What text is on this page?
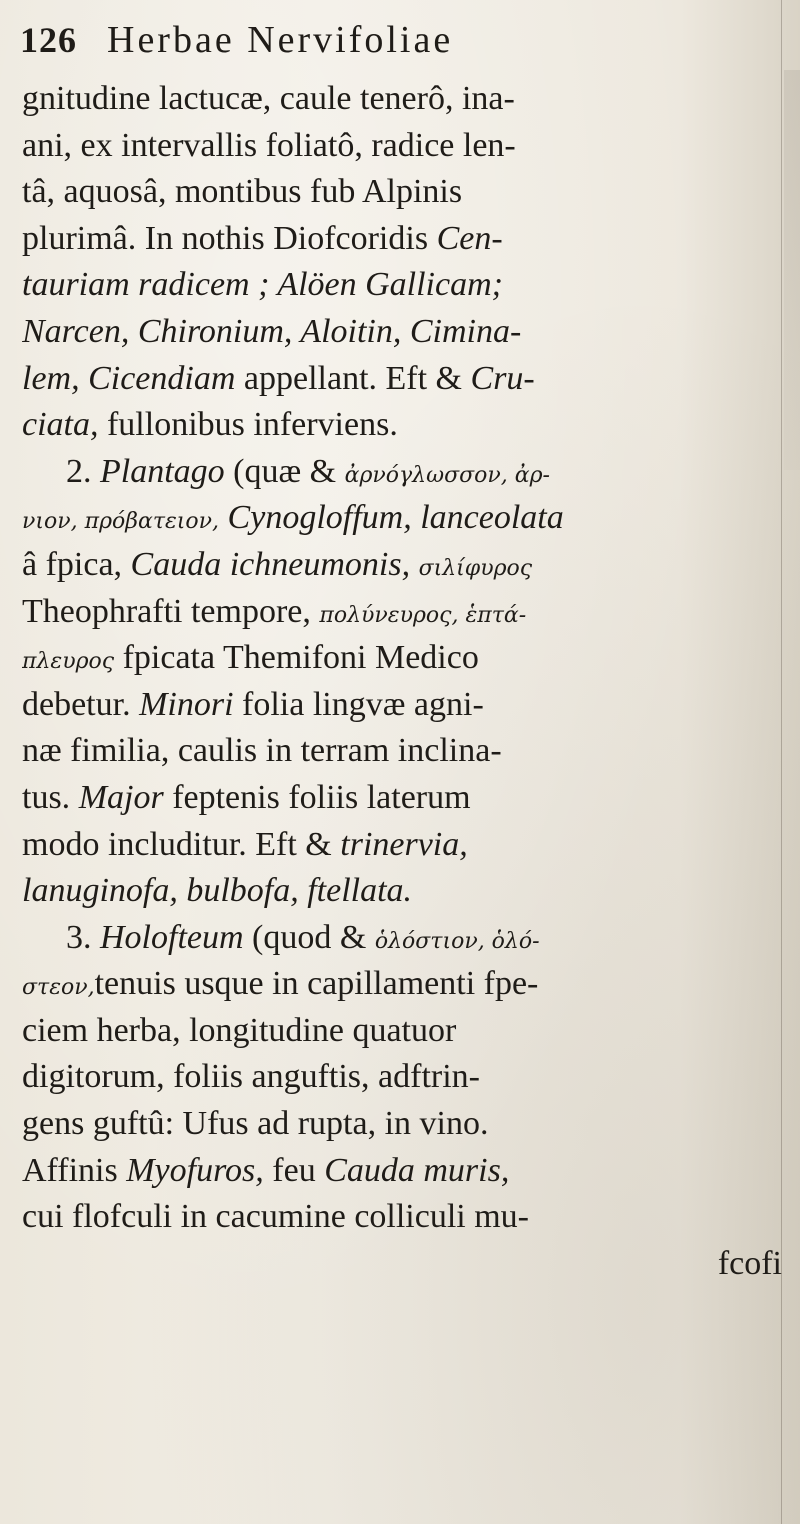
126 Herbae Nervifoliae
gnitudine lactucæ, caule tenerô, ina-
ani, ex intervallis foliatô, radice len-
tâ, aquosâ, montibus fub Alpinis
plurimâ. In nothis Diofcoridis Cen-
tauriam radicem ; Alöen Gallicam;
Narcen, Chironium, Aloitin, Cimina-
lem, Cicendiam appellant. Eft & Cru-
ciata, fullonibus inferviens.
2. Plantago (quæ & ἀρνόγλωσσον, ἀρ-
νιον, πρόβατειον, Cynogloffum, lanceolata
â fpica, Cauda ichneumonis, σιλίφυρος
Theophrafti tempore, πολύνευρος, ἑπτά-
πλευρος fpicata Themifoni Medico
debetur. Minori folia lingvæ agni-
næ fimilia, caulis in terram inclina-
tus. Major feptenis foliis laterum
modo includitur. Eft & trinervia,
lanuginofa, bulbofa, ftellata.
3. Holofteum (quod & ὁλόστιον, ὁλό-
στεον,tenuis usque in capillamenti fpe-
ciem herba, longitudine quatuor
digitorum, foliis anguftis, adftrin-
gens guftû: Ufus ad rupta, in vino.
Affinis Myofuros, feu Cauda muris,
cui flofculi in cacumine colliculi mu-
fcofi
